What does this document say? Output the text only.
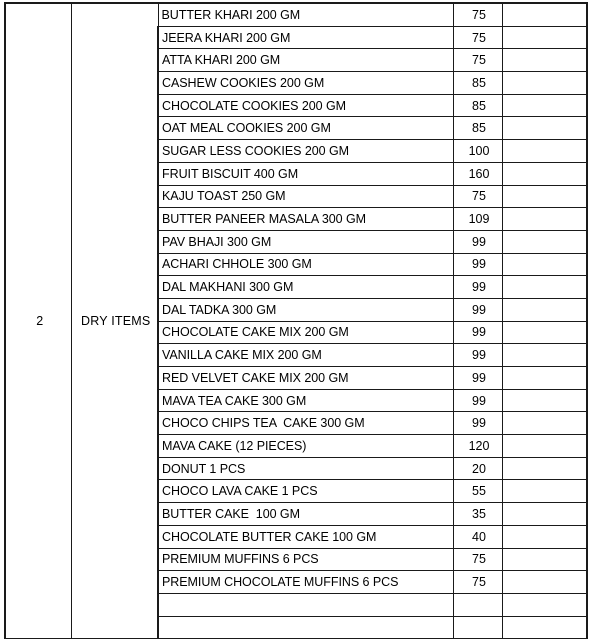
2	DRY ITEMS	BUTTER KHARI 200 GM	75	
		JEERA KHARI 200 GM	75	
		ATTA KHARI 200 GM	75	
		CASHEW COOKIES 200 GM	85	
		CHOCOLATE COOKIES 200 GM	85	
		OAT MEAL COOKIES 200 GM	85	
		SUGAR LESS COOKIES 200 GM	100	
		FRUIT BISCUIT 400 GM	160	
		KAJU TOAST 250 GM	75	
		BUTTER PANEER MASALA 300 GM	109	
		PAV BHAJI 300 GM	99	
		ACHARI CHHOLE 300 GM	99	
		DAL MAKHANI 300 GM	99	
		DAL TADKA 300 GM	99	
		CHOCOLATE CAKE MIX 200 GM	99	
		VANILLA CAKE MIX 200 GM	99	
		RED VELVET CAKE MIX 200 GM	99	
		MAVA TEA CAKE 300 GM	99	
		CHOCO CHIPS TEA  CAKE 300 GM	99	
		MAVA CAKE (12 PIECES)	120	
		DONUT 1 PCS	20	
		CHOCO LAVA CAKE 1 PCS	55	
		BUTTER CAKE  100 GM	35	
		CHOCOLATE BUTTER CAKE 100 GM	40	
		PREMIUM MUFFINS 6 PCS	75	
		PREMIUM CHOCOLATE MUFFINS 6 PCS	75	
